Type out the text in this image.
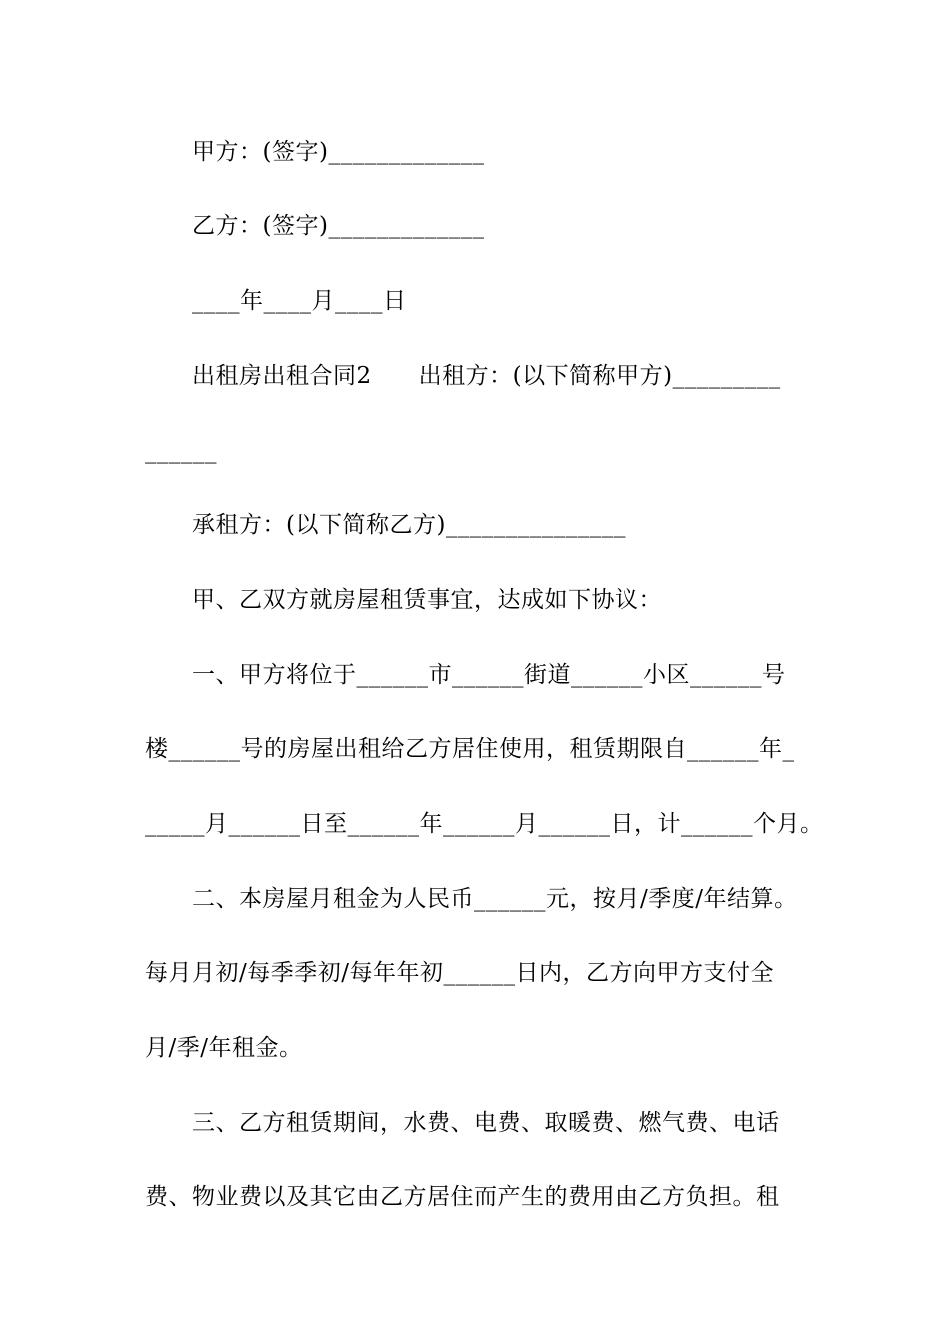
甲方：(签字)_____________
乙方：(签字)_____________
____年____月____日
出租房出租合同2　　出租方：(以下简称甲方)_________
______
承租方：(以下简称乙方)_______________
甲、乙双方就房屋租赁事宜，达成如下协议：
一、甲方将位于______市______街道______小区______号
楼______号的房屋出租给乙方居住使用，租赁期限自______年_
_____月______日至______年______月______日，计______个月。
二、本房屋月租金为人民币______元，按月/季度/年结算。
每月月初/每季季初/每年年初______日内，乙方向甲方支付全
月/季/年租金。
三、乙方租赁期间，水费、电费、取暖费、燃气费、电话
费、物业费以及其它由乙方居住而产生的费用由乙方负担。租
